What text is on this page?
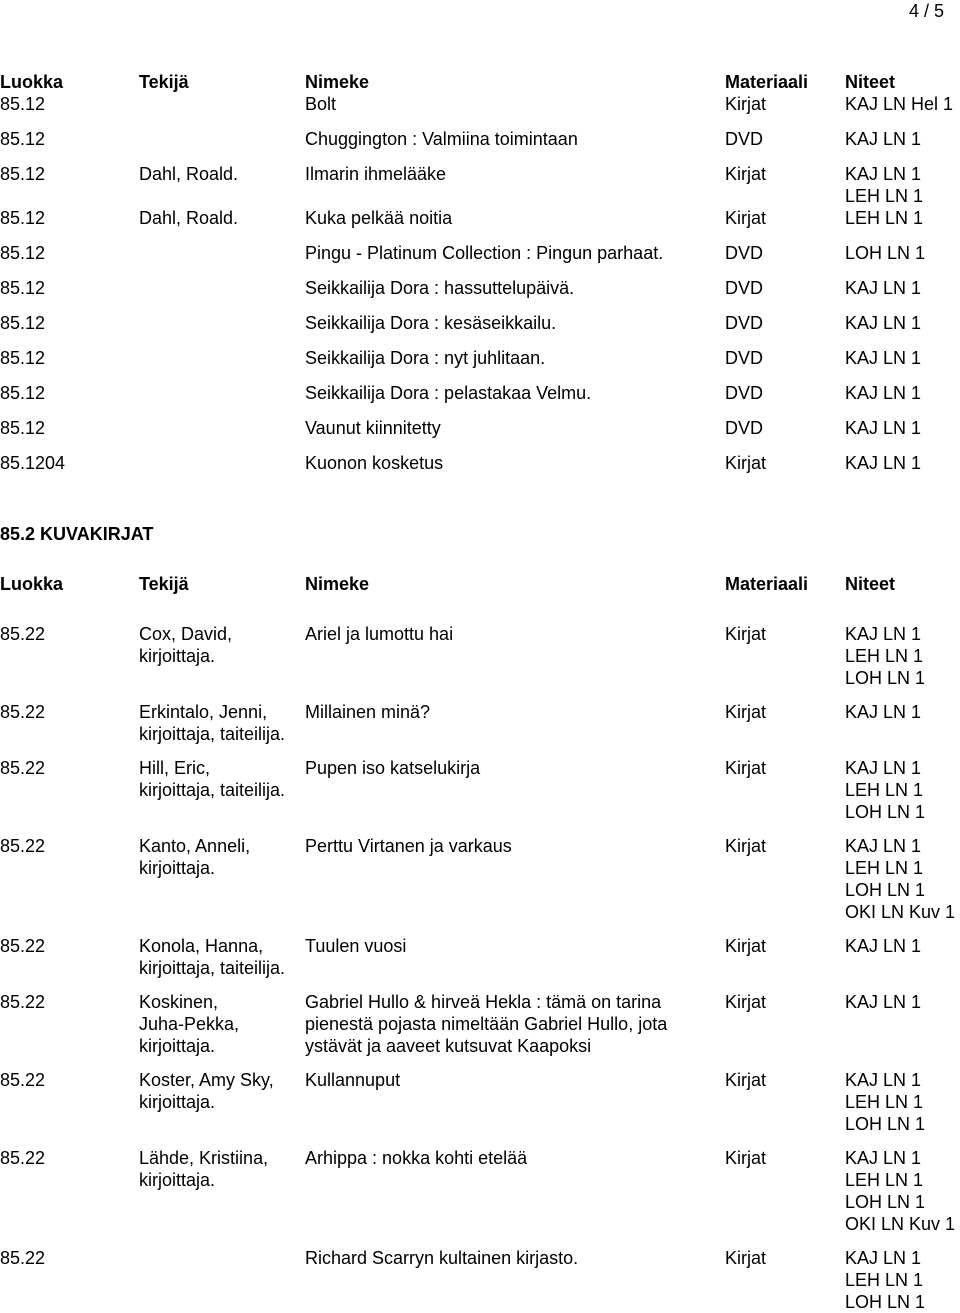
4 / 5
Luokka	Tekijä	Nimeke	Materiaali	Niteet
85.12		Bolt	Kirjat	KAJ LN Hel 1

85.12		Chuggington : Valmiina toimintaan	DVD	KAJ LN 1

85.12	Dahl, Roald.	Ilmarin ihmelääke	Kirjat	KAJ LN 1
LEH LN 1

85.12	Dahl, Roald.	Kuka pelkää noitia	Kirjat	LEH LN 1

85.12		Pingu - Platinum Collection : Pingun parhaat.	DVD	LOH LN 1

85.12		Seikkailija Dora : hassuttelupäivä.	DVD	KAJ LN 1

85.12		Seikkailija Dora : kesäseikkailu.	DVD	KAJ LN 1

85.12		Seikkailija Dora : nyt juhlitaan.	DVD	KAJ LN 1

85.12		Seikkailija Dora : pelastakaa Velmu.	DVD	KAJ LN 1

85.12		Vaunut kiinnitetty	DVD	KAJ LN 1

85.1204		Kuonon kosketus	Kirjat	KAJ LN 1
85.2 KUVAKIRJAT
Luokka	Tekijä	Nimeke	Materiaali	Niteet

85.22	Cox, David,
kirjoittaja.	Ariel ja lumottu hai	Kirjat	KAJ LN 1
LEH LN 1
LOH LN 1

85.22	Erkintalo, Jenni,
kirjoittaja, taiteilija.	Millainen minä?	Kirjat	KAJ LN 1

85.22	Hill, Eric,
kirjoittaja, taiteilija.	Pupen iso katselukirja	Kirjat	KAJ LN 1
LEH LN 1
LOH LN 1

85.22	Kanto, Anneli,
kirjoittaja.	Perttu Virtanen ja varkaus	Kirjat	KAJ LN 1
LEH LN 1
LOH LN 1
OKI LN Kuv 1

85.22	Konola, Hanna,
kirjoittaja, taiteilija.	Tuulen vuosi	Kirjat	KAJ LN 1

85.22	Koskinen,
Juha-Pekka,
kirjoittaja.	Gabriel Hullo & hirveä Hekla : tämä on tarina
pienestä pojasta nimeltään Gabriel Hullo, jota
ystävät ja aaveet kutsuvat Kaapoksi	Kirjat	KAJ LN 1

85.22	Koster, Amy Sky,
kirjoittaja.	Kullannuput	Kirjat	KAJ LN 1
LEH LN 1
LOH LN 1

85.22	Lähde, Kristiina,
kirjoittaja.	Arhippa : nokka kohti etelää	Kirjat	KAJ LN 1
LEH LN 1
LOH LN 1
OKI LN Kuv 1

85.22		Richard Scarryn kultainen kirjasto.	Kirjat	KAJ LN 1
LEH LN 1
LOH LN 1
